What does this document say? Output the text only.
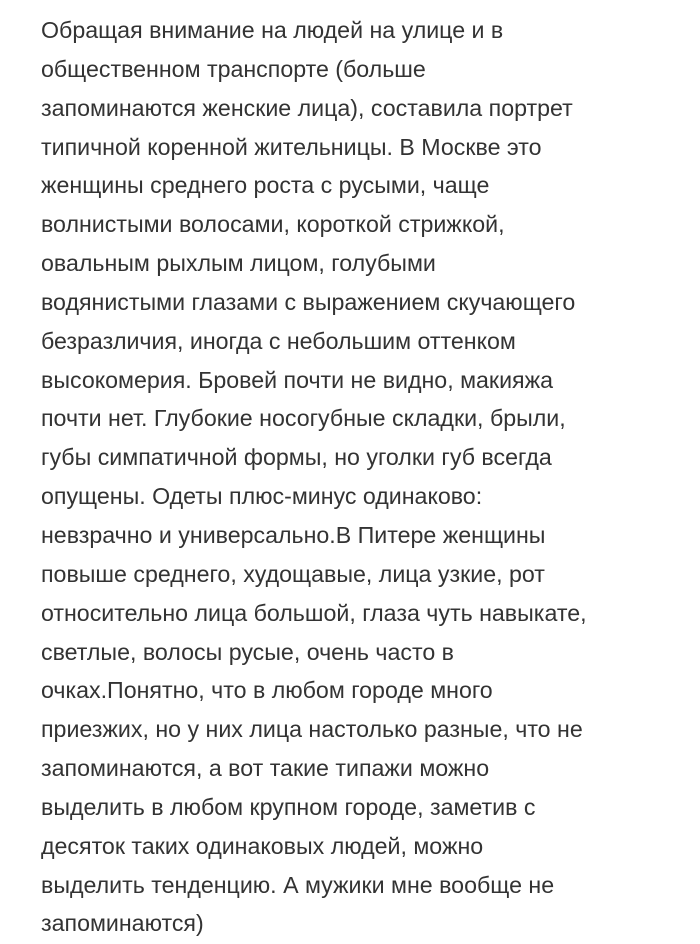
Обращая внимание на людей на улице и в
общественном транспорте (больше
запоминаются женские лица), составила портрет
типичной коренной жительницы. В Москве это
женщины среднего роста с русыми, чаще
волнистыми волосами, короткой стрижкой,
овальным рыхлым лицом, голубыми
водянистыми глазами с выражением скучающего
безразличия, иногда с небольшим оттенком
высокомерия. Бровей почти не видно, макияжа
почти нет. Глубокие носогубные складки, брыли,
губы симпатичной формы, но уголки губ всегда
опущены. Одеты плюс-минус одинаково:
невзрачно и универсально.В Питере женщины
повыше среднего, худощавые, лица узкие, рот
относительно лица большой, глаза чуть навыкате,
светлые, волосы русые, очень часто в
очках.Понятно, что в любом городе много
приезжих, но у них лица настолько разные, что не
запоминаются, а вот такие типажи можно
выделить в любом крупном городе, заметив с
десяток таких одинаковых людей, можно
выделить тенденцию. А мужики мне вообще не
запоминаются)
